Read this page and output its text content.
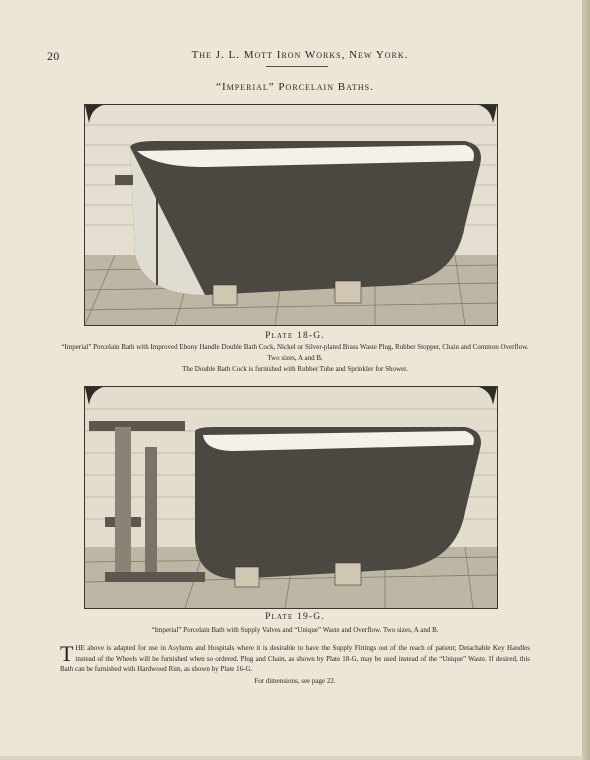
20	The J. L. Mott Iron Works, New York.
“Imperial” Porcelain Baths.
Plate 18-G.
“Imperial” Porcelain Bath with Improved Ebony Handle Double Bath Cock, Nickel or Silver-plated Brass Waste Plug, Rubber Stopper, Chain and Common Overflow. Two sizes, A and B.
The Double Bath Cock is furnished with Rubber Tube and Sprinkler for Shower.
Plate 19-G.
“Imperial” Porcelain Bath with Supply Valves and “Unique” Waste and Overflow. Two sizes, A and B.
THE above is adapted for use in Asylums and Hospitals where it is desirable to have the Supply Fittings out of the reach of patient; Detachable Key Handles instead of the Wheels will be furnished when so ordered. Plug and Chain, as shown by Plate 18-G, may be used instead of the “Unique” Waste. If desired, this Bath can be furnished with Hardwood Rim, as shown by Plate 16-G.
For dimensions, see page 22.
